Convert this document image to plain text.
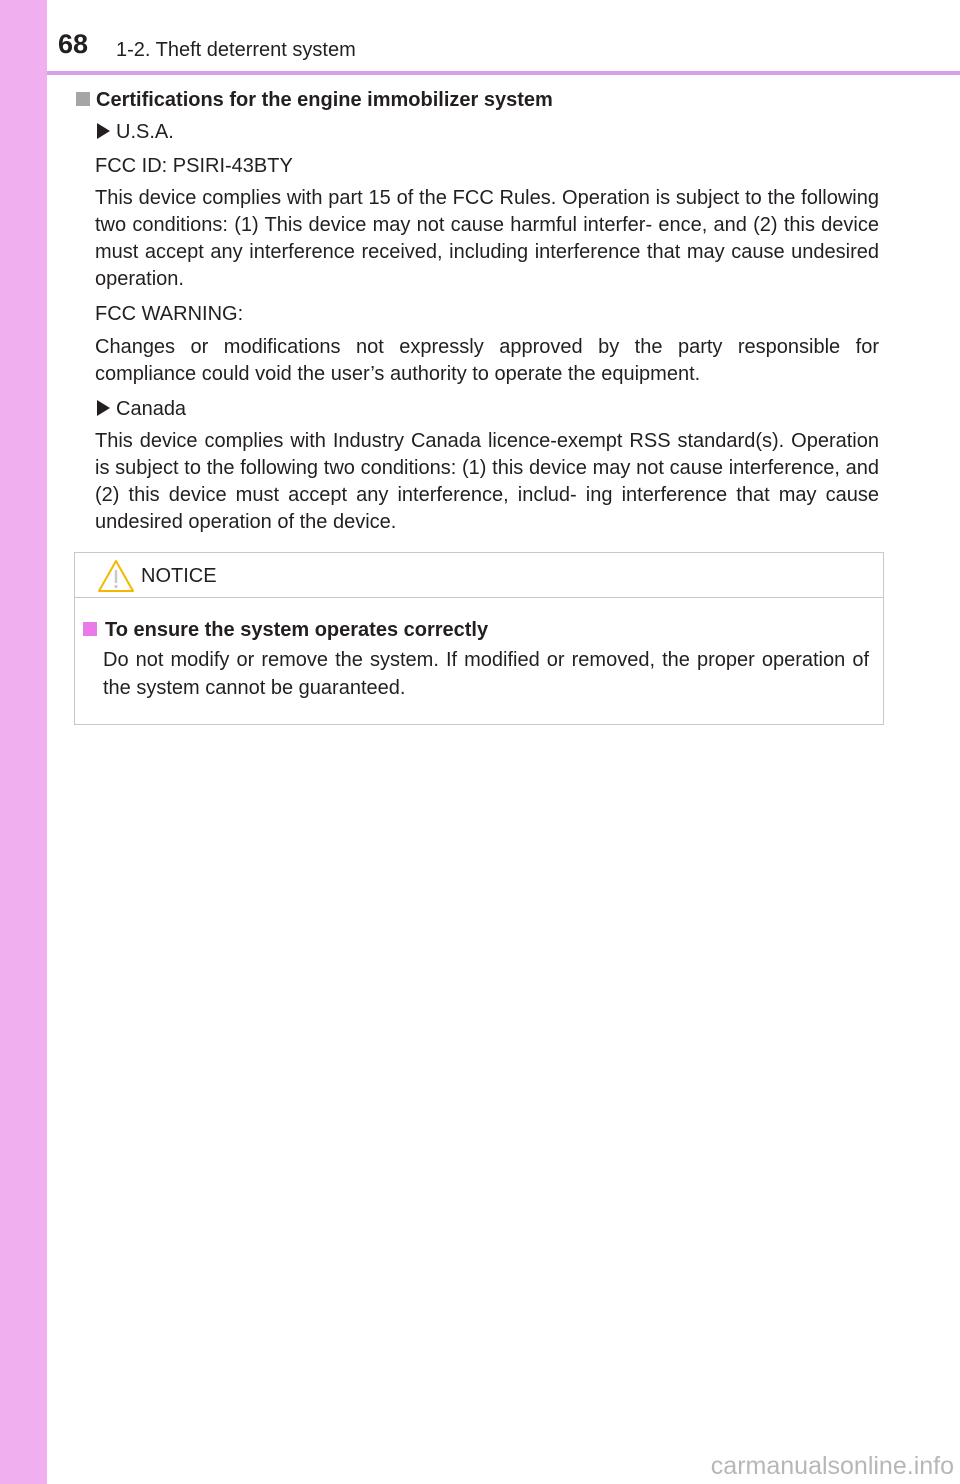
68 1-2. Theft deterrent system
Certifications for the engine immobilizer system
U.S.A.
FCC ID: PSIRI-43BTY

This device complies with part 15 of the FCC Rules. Operation is subject to the following two conditions: (1) This device may not cause harmful interfer- ence, and (2) this device must accept any interference received, including interference that may cause undesired operation.

FCC WARNING:

Changes or modifications not expressly approved by the party responsible for compliance could void the user’s authority to operate the equipment.

Canada

This device complies with Industry Canada licence-exempt RSS standard(s). Operation is subject to the following two conditions: (1) this device may not cause interference, and (2) this device must accept any interference, includ- ing interference that may cause undesired operation of the device.

NOTICE
To ensure the system operates correctly

Do not modify or remove the system. If modified or removed, the proper operation of the system cannot be guaranteed.

carmanualsonline.info
